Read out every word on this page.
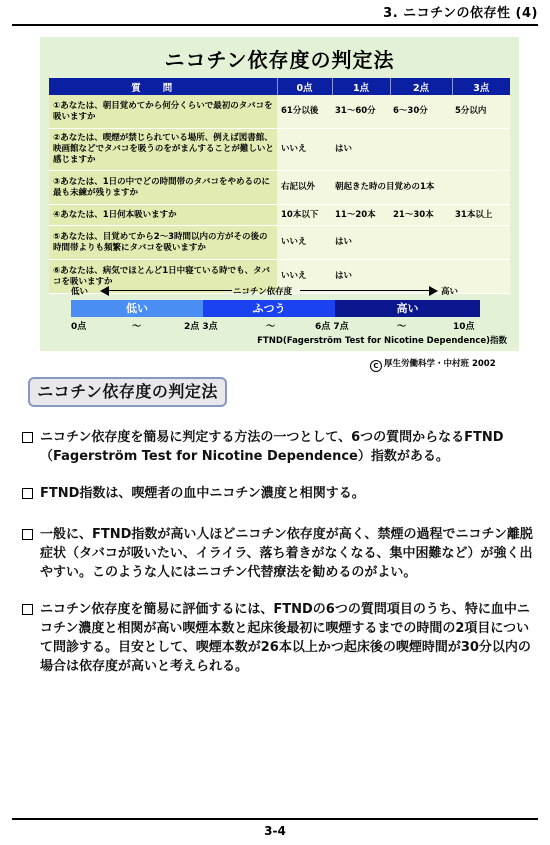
3. ニコチンの依存性 (4)
ニコチン依存度の判定法
質問	0点	1点	2点	3点
①あなたは、朝目覚めてから何分くらいで最初のタバコを吸いますか	61分以後	31～60分	6～30分	5分以内
②あなたは、喫煙が禁じられている場所、例えば図書館、映画館などでタバコを吸うのをがまんすることが難しいと感じますか	いいえ	はい		
③あなたは、1日の中でどの時間帯のタバコをやめるのに最も未練が残りますか	右記以外	朝起きた時の目覚めの1本		
④あなたは、1日何本吸いますか	10本以下	11～20本	21～30本	31本以上
⑤あなたは、目覚めてから2～3時間以内の方がその後の時間帯よりも頻繁にタバコを吸いますか	いいえ	はい		
⑥あなたは、病気でほとんど1日中寝ている時でも、タバコを吸いますか	いいえ	はい		
低い	ニコチン依存度	高い
低い	ふつう	高い
0点	～	2点 3点	～	6点 7点	～	10点
FTND(Fagerström Test for Nicotine Dependence)指数
C 厚生労働科学・中村班 2002
ニコチン依存度の判定法
ニコチン依存度を簡易に判定する方法の一つとして、6つの質問からなるFTND（Fagerström Test for Nicotine Dependence）指数がある。
FTND指数は、喫煙者の血中ニコチン濃度と相関する。
一般に、FTND指数が高い人ほどニコチン依存度が高く、禁煙の過程でニコチン離脱症状（タバコが吸いたい、イライラ、落ち着きがなくなる、集中困難など）が強く出やすい。このような人にはニコチン代替療法を勧めるのがよい。
ニコチン依存度を簡易に評価するには、FTNDの6つの質問項目のうち、特に血中ニコチン濃度と相関が高い喫煙本数と起床後最初に喫煙するまでの時間の2項目について問診する。目安として、喫煙本数が26本以上かつ起床後の喫煙時間が30分以内の場合は依存度が高いと考えられる。
3-4
